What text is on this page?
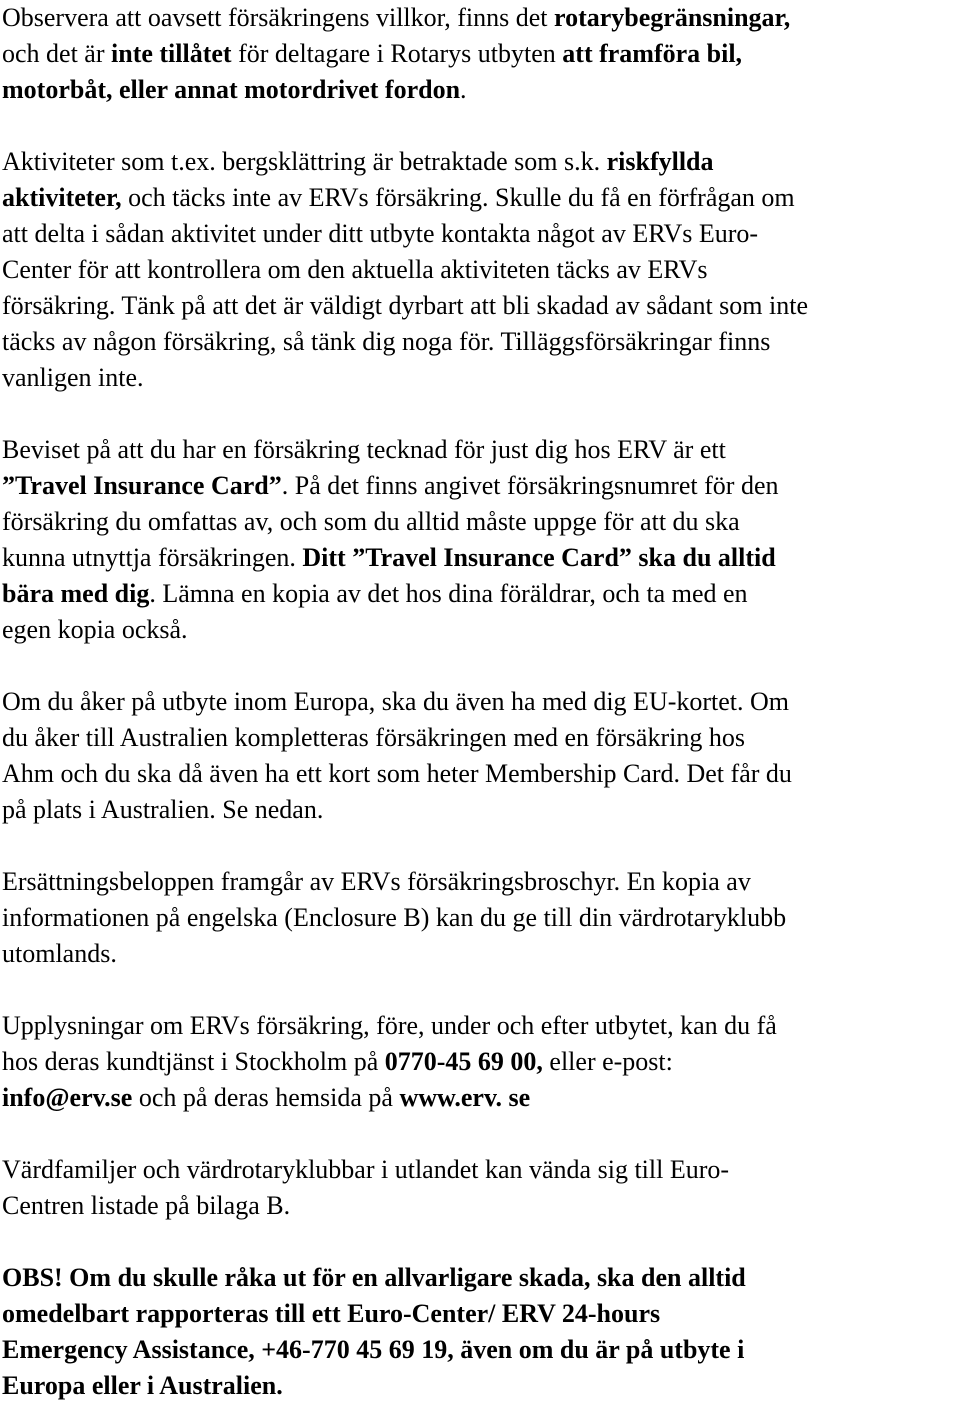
Observera att oavsett försäkringens villkor, finns det rotarybegränsningar,

och det är inte tillåtet för deltagare i Rotarys utbyten att framföra bil,

motorbåt, eller annat motordrivet fordon.

Aktiviteter som t.ex. bergsklättring är betraktade som s.k. riskfyllda

aktiviteter, och täcks inte av ERVs försäkring. Skulle du få en förfrågan om

att delta i sådan aktivitet under ditt utbyte kontakta något av ERVs Euro-

Center för att kontrollera om den aktuella aktiviteten täcks av ERVs

försäkring. Tänk på att det är väldigt dyrbart att bli skadad av sådant som inte

täcks av någon försäkring, så tänk dig noga för. Tilläggsförsäkringar finns

vanligen inte.

Beviset på att du har en försäkring tecknad för just dig hos ERV är ett

”Travel Insurance Card”. På det finns angivet försäkringsnumret för den

försäkring du omfattas av, och som du alltid måste uppge för att du ska

kunna utnyttja försäkringen. Ditt ”Travel Insurance Card” ska du alltid

bära med dig. Lämna en kopia av det hos dina föräldrar, och ta med en

egen kopia också.

Om du åker på utbyte inom Europa, ska du även ha med dig EU-kortet. Om

du åker till Australien kompletteras försäkringen med en försäkring hos

Ahm och du ska då även ha ett kort som heter Membership Card. Det får du

på plats i Australien. Se nedan.

Ersättningsbeloppen framgår av ERVs försäkringsbroschyr. En kopia av

informationen på engelska (Enclosure B) kan du ge till din värdrotaryklubb

utomlands.

Upplysningar om ERVs försäkring, före, under och efter utbytet, kan du få

hos deras kundtjänst i Stockholm på 0770-45 69 00, eller e-post:

info@erv.se och på deras hemsida på www.erv. se

Värdfamiljer och värdrotaryklubbar i utlandet kan vända sig till Euro-

Centren listade på bilaga B.

OBS! Om du skulle råka ut för en allvarligare skada, ska den alltid

omedelbart rapporteras till ett Euro-Center/ ERV 24-hours

Emergency Assistance, +46-770 45 69 19, även om du är på utbyte i

Europa eller i Australien.
